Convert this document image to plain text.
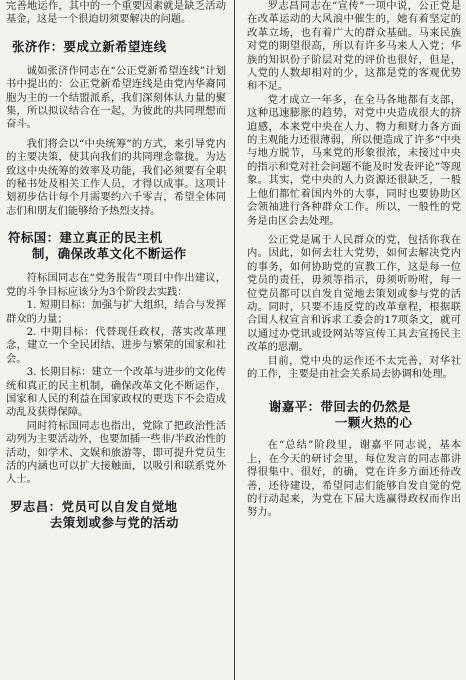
完善地运作，其中的一个重要因素就是缺乏活动基金，这是一个很迫切须要解决的问题。

张济作：要成立新希望连线

诚如张济作同志在“公正党新希望连线”计划书中提出的：公正党新希望连线是由党内华裔同胞为主的一个结盟派系，我们深刻体认力量的聚集，所以拟议结合在一起，为彼此的共同理想而奋斗。

我们将会以“中央统筹”的方式，来引导党内的主要决策，使其向我们的共同理念靠拢。为达致这中央统筹的效率及功能，我们必须要有全职的秘书处及相关工作人员，才得以成事。这项计划初步估计每个月需要约六千零吉，希望全体同志们和朋友们能够给予热烈支持。

符标国：建立真正的民主机
制，确保改革文化不断运作

符标国同志在“党务报告”项目中作出建议，党的斗争目标应该分为3个阶段去实践：

1. 短期目标：加强与扩大组织，结合与发挥群众的力量；

2. 中期目标：代替现任政权，落实改革理念，建立一个全民团结、进步与繁荣的国家和社会。

3. 长期目标：建立一个改革与进步的文化传统和真正的民主机制，确保改革文化不断运作，国家和人民的利益在国家政权的更迭下不会造成动乱及获得保障。

同时符标国同志也指出，党除了把政治性活动列为主要活动外，也要加插一些非/半政治性的活动，如学术、文娱和旅游等，即可提升党员生活的内涵也可以扩大接触面，以吸引和联系党外人士。

罗志昌：党员可以自发自觉地
去策划或参与党的活动

罗志昌同志在“宣传”一项中说，公正党是在改革运动的大风浪中催生的，她有着坚定的改革立场，也有着广大的群众基础。马来民族对党的期望很高，所以有许多马来人入党；华族的知识份子阶层对党的评价也很好，但是，人党的人数却相对的少，这都是党的客观优势和不足。

党才成立一年多，在全马各地都有支部，这种迅速膨胀的趋势，对党中央造成很大的挤迫感，本来党中央在人力、物力和财力各方面的主观能力还很薄弱，所以便造成了许多“中央与地方脱节，马来党的形象很浓，未接过中央的指示和党对社会问题不能及时发表评论”等现象。其实，党中央的人力资源还很缺乏，一般上他们都忙着国内外的大事，同时也要协助区会领袖进行各种群众工作。所以，一般性的党务是由区会去处理。

公正党是属于人民群众的党，包括你我在内。因此，如何去壮大党势，如何去解决党内的事务，如何协助党的宣教工作，这是每一位党员的责任，毋须等指示，毋须听吩咐，每一位党员都可以自发自觉地去策划或参与党的活动。同时，只要不违反党的改革章程，根据联合国人权宣言和诉求工委会的17项条文，就可以通过办党讯或设网站等宣传工具去宣扬民主改革的思潮。

目前，党中央的运作还不太完善，对华社的工作，主要是由社会关系局去协调和处理。

谢嘉平：带回去的仍然是
一颗火热的心

在“总结”阶段里，谢嘉平同志说，基本上，在今天的研讨会里，每位发言的同志都讲得很集中、很好，的确，党在许多方面还待改善，还待建设，希望同志们能够自发自觉的党的行动起来，为党在下届大选赢得政权而作出努力。
